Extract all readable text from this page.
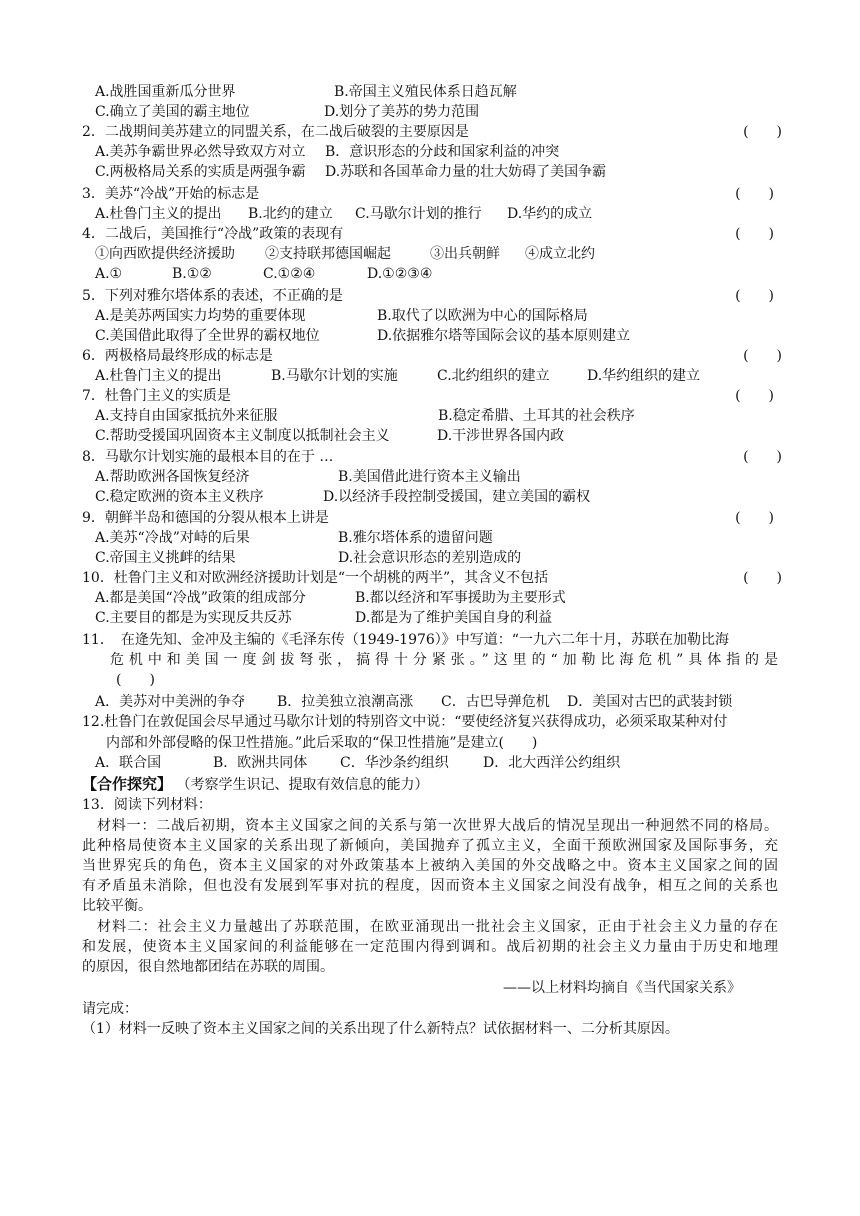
A.战胜国重新瓜分世界	B.帝国主义殖民体系日趋瓦解
C.确立了美国的霸主地位	D.划分了美苏的势力范围
2．二战期间美苏建立的同盟关系，在二战后破裂的主要原因是	(　　)
A.美苏争霸世界必然导致双方对立 B．意识形态的分歧和国家利益的冲突
C.两极格局关系的实质是两强争霸 D.苏联和各国革命力量的壮大妨碍了美国争霸
3．美苏“冷战”开始的标志是	(　　)
A.杜鲁门主义的提出 B.北约的建立 C.马歇尔计划的推行 D.华约的成立
4．二战后，美国推行“冷战”政策的表现有	(　　)
①向西欧提供经济援助 ②支持联邦德国崛起	③出兵朝鲜 ④成立北约
A.①	B.①②	C.①②④	D.①②③④
5．下列对雅尔塔体系的表述，不正确的是	(　　)
A.是美苏两国实力均势的重要体现	B.取代了以欧洲为中心的国际格局
C.美国借此取得了全世界的霸权地位	D.依据雅尔塔等国际会议的基本原则建立
6．两极格局最终形成的标志是	(　　)
A.杜鲁门主义的提出	B.马歇尔计划的实施	C.北约组织的建立	D.华约组织的建立
7．杜鲁门主义的实质是	(　　)
A.支持自由国家抵抗外来征服	B.稳定希腊、土耳其的社会秩序
C.帮助受援国巩固资本主义制度以抵制社会主义	D.干涉世界各国内政
8．马歇尔计划实施的最根本目的在于 …	(　　)
A.帮助欧洲各国恢复经济	B.美国借此进行资本主义输出
C.稳定欧洲的资本主义秩序	D.以经济手段控制受援国，建立美国的霸权
9．朝鲜半岛和德国的分裂从根本上讲是	(　　)
A.美苏“冷战”对峙的后果	B.雅尔塔体系的遗留问题
C.帝国主义挑衅的结果	D.社会意识形态的差别造成的
10．杜鲁门主义和对欧洲经济援助计划是“一个胡桃的两半”，其含义不包括	(　　)
A.都是美国“冷战”政策的组成部分	B.都以经济和军事援助为主要形式
C.主要目的都是为实现反共反苏	D.都是为了维护美国自身的利益
11．　在逄先知、金冲及主编的《毛泽东传（1949-1976）》中写道：“一九六二年十月，苏联在加勒比海
危机中和美国一度剑拔弩张，搞得十分紧张。”这里的“加勒比海危机”具体指的是
(　　)
A．美苏对中美洲的争夺 B．拉美独立浪潮高涨 C．古巴导弹危机 D．美国对古巴的武装封锁
12.杜鲁门在敦促国会尽早通过马歇尔计划的特别咨文中说：“要使经济复兴获得成功，必须采取某种对付
内部和外部侵略的保卫性措施。”此后采取的“保卫性措施”是建立(　　)
A．联合国	B．欧洲共同体 C．华沙条约组织 D．北大西洋公约组织
【合作探究】 （考察学生识记、提取有效信息的能力）
13．阅读下列材料：
材料一：二战后初期，资本主义国家之间的关系与第一次世界大战后的情况呈现出一种迥然不同的格局。
此种格局使资本主义国家的关系出现了新倾向，美国抛弃了孤立主义，全面干预欧洲国家及国际事务，充
当世界宪兵的角色，资本主义国家的对外政策基本上被纳入美国的外交战略之中。资本主义国家之间的固
有矛盾虽未消除，但也没有发展到军事对抗的程度，因而资本主义国家之间没有战争，相互之间的关系也
比较平衡。
材料二：社会主义力量越出了苏联范围，在欧亚涌现出一批社会主义国家，正由于社会主义力量的存在
和发展，使资本主义国家间的利益能够在一定范围内得到调和。战后初期的社会主义力量由于历史和地理
的原因，很自然地都团结在苏联的周围。
——以上材料均摘自《当代国家关系》
请完成：
（1）材料一反映了资本主义国家之间的关系出现了什么新特点？试依据材料一、二分析其原因。
